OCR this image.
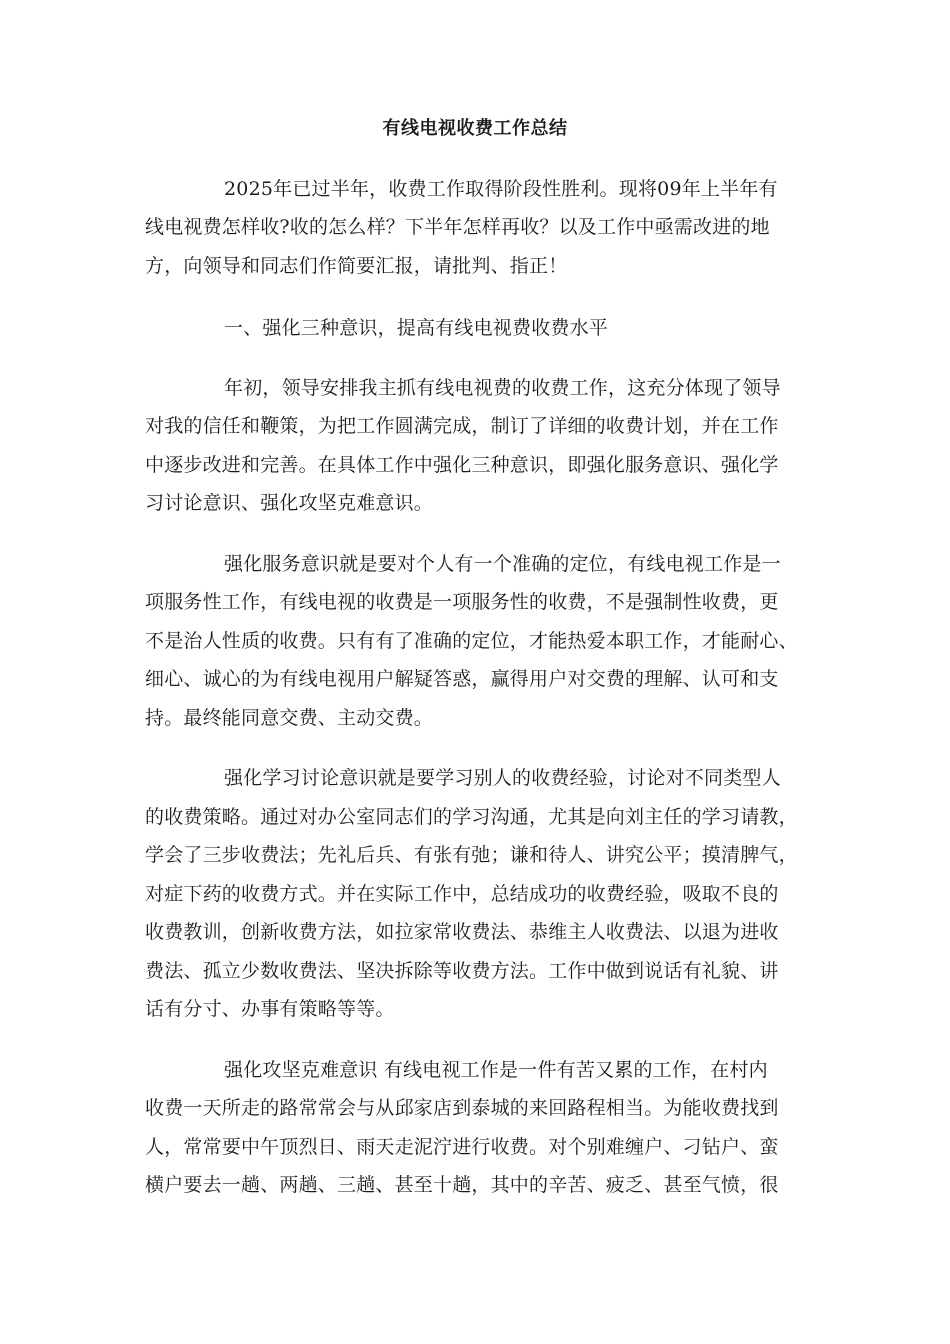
有线电视收费工作总结
2025年已过半年，收费工作取得阶段性胜利。现将09年上半年有
线电视费怎样收?收的怎么样？下半年怎样再收？以及工作中亟需改进的地
方，向领导和同志们作简要汇报，请批判、指正！
一、强化三种意识，提高有线电视费收费水平
年初，领导安排我主抓有线电视费的收费工作，这充分体现了领导
对我的信任和鞭策，为把工作圆满完成，制订了详细的收费计划，并在工作
中逐步改进和完善。在具体工作中强化三种意识，即强化服务意识、强化学
习讨论意识、强化攻坚克难意识。
强化服务意识就是要对个人有一个准确的定位，有线电视工作是一
项服务性工作，有线电视的收费是一项服务性的收费，不是强制性收费，更
不是治人性质的收费。只有有了准确的定位，才能热爱本职工作，才能耐心、
细心、诚心的为有线电视用户解疑答惑，赢得用户对交费的理解、认可和支
持。最终能同意交费、主动交费。
强化学习讨论意识就是要学习别人的收费经验，讨论对不同类型人
的收费策略。通过对办公室同志们的学习沟通，尤其是向刘主任的学习请教，
学会了三步收费法；先礼后兵、有张有弛；谦和待人、讲究公平；摸清脾气，
对症下药的收费方式。并在实际工作中，总结成功的收费经验，吸取不良的
收费教训，创新收费方法，如拉家常收费法、恭维主人收费法、以退为进收
费法、孤立少数收费法、坚决拆除等收费方法。工作中做到说话有礼貌、讲
话有分寸、办事有策略等等。
强化攻坚克难意识 有线电视工作是一件有苦又累的工作，在村内
收费一天所走的路常常会与从邱家店到泰城的来回路程相当。为能收费找到
人，常常要中午顶烈日、雨天走泥泞进行收费。对个别难缠户、刁钻户、蛮
横户要去一趟、两趟、三趟、甚至十趟，其中的辛苦、疲乏、甚至气愤，很
